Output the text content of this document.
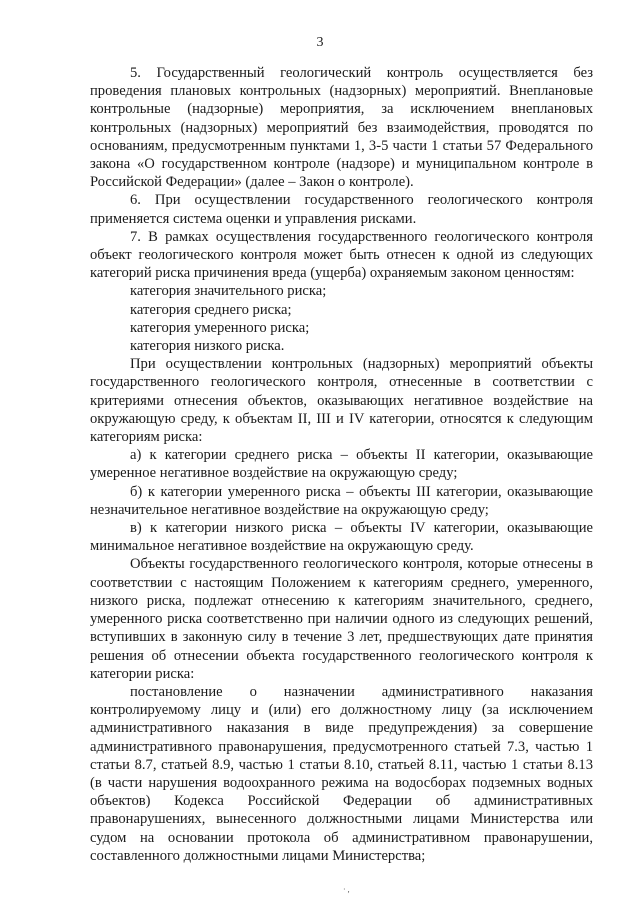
3

5. Государственный геологический контроль осуществляется без проведения плановых контрольных (надзорных) мероприятий. Внеплановые контрольные (надзорные) мероприятия, за исключением внеплановых контрольных (надзорных) мероприятий без взаимодействия, проводятся по основаниям, предусмотренным пунктами 1, 3-5 части 1 статьи 57 Федерального закона «О государственном контроле (надзоре) и муниципальном контроле в Российской Федерации» (далее – Закон о контроле).

6. При осуществлении государственного геологического контроля применяется система оценки и управления рисками.

7. В рамках осуществления государственного геологического контроля объект геологического контроля может быть отнесен к одной из следующих категорий риска причинения вреда (ущерба) охраняемым законом ценностям:

категория значительного риска;

категория среднего риска;

категория умеренного риска;

категория низкого риска.

При осуществлении контрольных (надзорных) мероприятий объекты государственного геологического контроля, отнесенные в соответствии с критериями отнесения объектов, оказывающих негативное воздействие на окружающую среду, к объектам II, III и IV категории, относятся к следующим категориям риска:

а) к категории среднего риска – объекты II категории, оказывающие умеренное негативное воздействие на окружающую среду;

б) к категории умеренного риска – объекты III категории, оказывающие незначительное негативное воздействие на окружающую среду;

в) к категории низкого риска – объекты IV категории, оказывающие минимальное негативное воздействие на окружающую среду.

Объекты государственного геологического контроля, которые отнесены в соответствии с настоящим Положением к категориям среднего, умеренного, низкого риска, подлежат отнесению к категориям значительного, среднего, умеренного риска соответственно при наличии одного из следующих решений, вступивших в законную силу в течение 3 лет, предшествующих дате принятия решения об отнесении объекта государственного геологического контроля к категории риска:

постановление о назначении административного наказания контролируемому лицу и (или) его должностному лицу (за исключением административного наказания в виде предупреждения) за совершение административного правонарушения, предусмотренного статьей 7.3, частью 1 статьи 8.7, статьей 8.9, частью 1 статьи 8.10, статьей 8.11, частью 1 статьи 8.13 (в части нарушения водоохранного режима на водосборах подземных водных объектов) Кодекса Российской Федерации об административных правонарушениях, вынесенного должностными лицами Министерства или судом на основании протокола об административном правонарушении, составленного должностными лицами Министерства;

· ,
